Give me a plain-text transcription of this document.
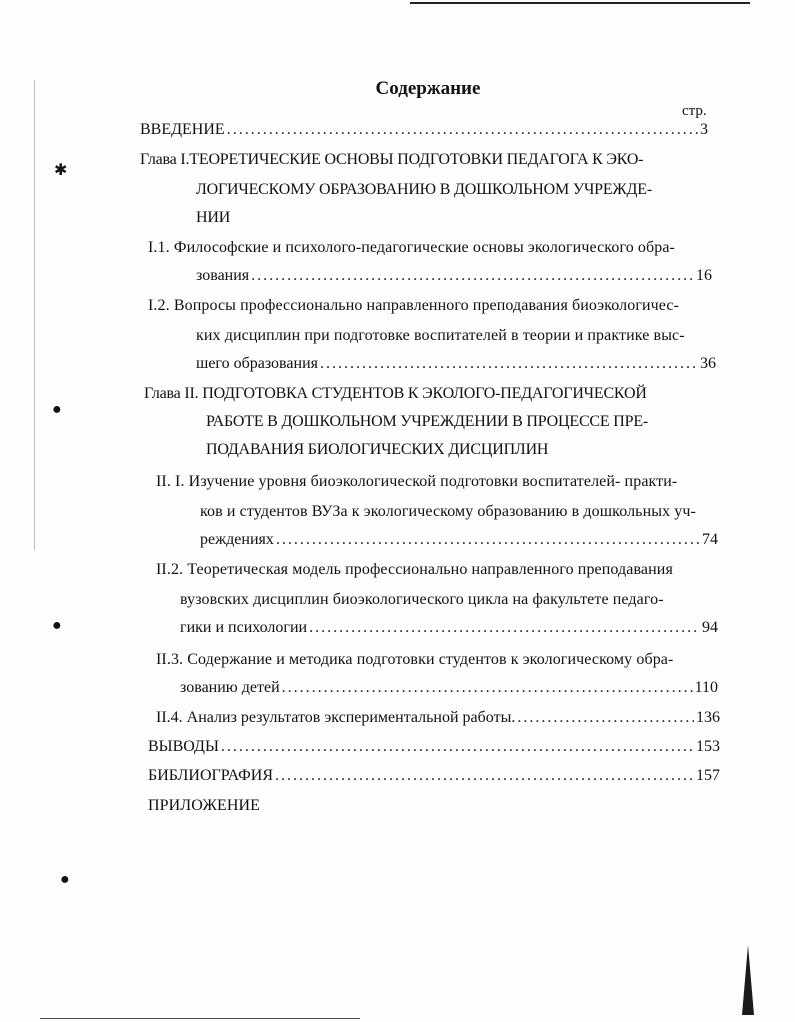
✱
●
●
●
Содержание
стр.
ВВЕДЕНИЕ .....	3
Глава I.ТЕОРЕТИЧЕСКИЕ ОСНОВЫ ПОДГОТОВКИ ПЕДАГОГА К ЭКО-
ЛОГИЧЕСКОМУ ОБРАЗОВАНИЮ В ДОШКОЛЬНОМ УЧРЕЖДЕ-
НИИ
I.1. Философские и психолого-педагогические основы экологического обра-
зования .....	16
I.2. Вопросы профессионально направленного преподавания биоэкологичес-
ких дисциплин при подготовке воспитателей в теории и практике выс-
шего образования .....	36
Глава II. ПОДГОТОВКА СТУДЕНТОВ К ЭКОЛОГО-ПЕДАГОГИЧЕСКОЙ
РАБОТЕ В ДОШКОЛЬНОМ УЧРЕЖДЕНИИ В ПРОЦЕССЕ ПРЕ-
ПОДАВАНИЯ БИОЛОГИЧЕСКИХ ДИСЦИПЛИН
II. I. Изучение уровня биоэкологической подготовки воспитателей- практи-
ков и студентов ВУЗа к экологическому образованию в дошкольных уч-
реждениях .....	74
II.2. Теоретическая модель профессионально направленного преподавания
вузовских дисциплин биоэкологического цикла на факультете педаго-
гики и психологии .....	94
II.3. Содержание и методика подготовки студентов к экологическому обра-
зованию детей .....	110
II.4. Анализ результатов экспериментальной работы. .....	136
ВЫВОДЫ .....	153
БИБЛИОГРАФИЯ .....	157
ПРИЛОЖЕНИЕ
